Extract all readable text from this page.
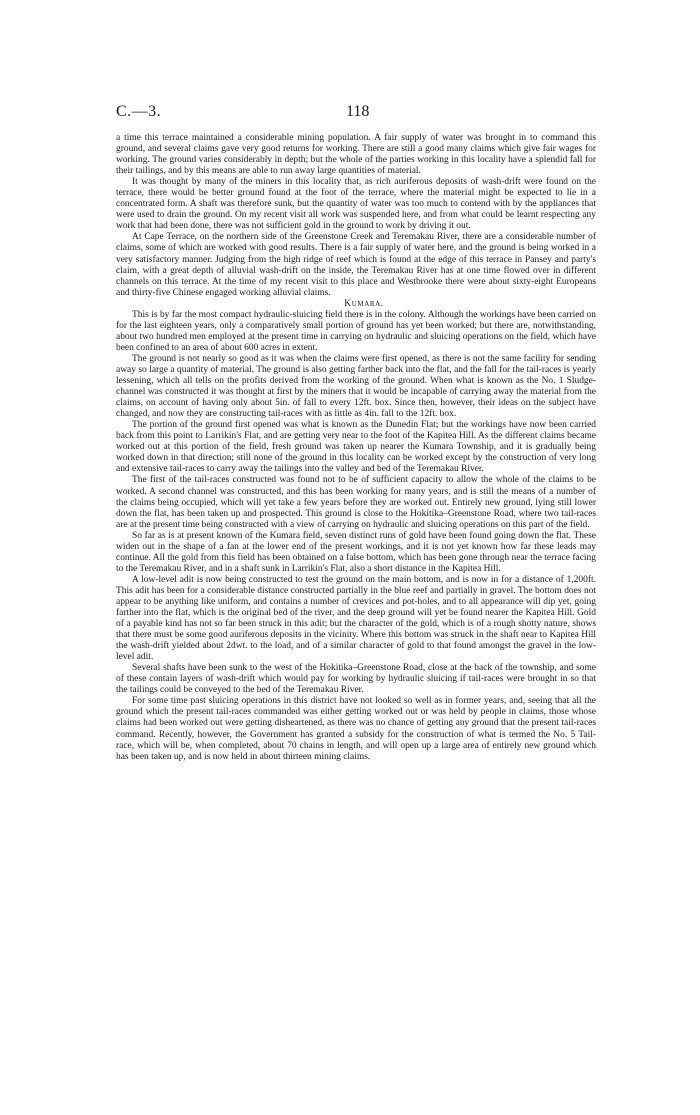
C.—3.	118

a time this terrace maintained a considerable mining population. A fair supply of water was brought in to command this ground, and several claims gave very good returns for working. There are still a good many claims which give fair wages for working. The ground varies considerably in depth; but the whole of the parties working in this locality have a splendid fall for their tailings, and by this means are able to run away large quantities of material.

It was thought by many of the miners in this locality that, as rich auriferous deposits of wash-drift were found on the terrace, there would be better ground found at the foot of the terrace, where the material might be expected to lie in a concentrated form. A shaft was therefore sunk, but the quantity of water was too much to contend with by the appliances that were used to drain the ground. On my recent visit all work was suspended here, and from what could be learnt respecting any work that had been done, there was not sufficient gold in the ground to work by driving it out.

At Cape Terrace, on the northern side of the Greenstone Creek and Teremakau River, there are a considerable number of claims, some of which are worked with good results. There is a fair supply of water here, and the ground is being worked in a very satisfactory manner. Judging from the high ridge of reef which is found at the edge of this terrace in Pansey and party's claim, with a great depth of alluvial wash-drift on the inside, the Teremakau River has at one time flowed over in different channels on this terrace. At the time of my recent visit to this place and Westbrooke there were about sixty-eight Europeans and thirty-five Chinese engaged working alluvial claims.

Kumara.

This is by far the most compact hydraulic-sluicing field there is in the colony. Although the workings have been carried on for the last eighteen years, only a comparatively small portion of ground has yet been worked; but there are, notwithstanding, about two hundred men employed at the present time in carrying on hydraulic and sluicing operations on the field, which have been confined to an area of about 600 acres in extent.

The ground is not nearly so good as it was when the claims were first opened, as there is not the same facility for sending away so large a quantity of material. The ground is also getting farther back into the flat, and the fall for the tail-races is yearly lessening, which all tells on the profits derived from the working of the ground. When what is known as the No. 1 Sludge-channel was constructed it was thought at first by the miners that it would be incapable of carrying away the material from the claims, on account of having only about 5in. of fall to every 12ft. box. Since then, however, their ideas on the subject have changed, and now they are constructing tail-races with as little as 4in. fall to the 12ft. box.

The portion of the ground first opened was what is known as the Dunedin Flat; but the workings have now been carried back from this point to Larrikin's Flat, and are getting very near to the foot of the Kapitea Hill. As the different claims became worked out at this portion of the field, fresh ground was taken up nearer the Kumara Township, and it is gradually being worked down in that direction; still none of the ground in this locality can be worked except by the construction of very long and extensive tail-races to carry away the tailings into the valley and bed of the Teremakau River.

The first of the tail-races constructed was found not to be of sufficient capacity to allow the whole of the claims to be worked. A second channel was constructed, and this has been working for many years, and is still the means of a number of the claims being occupied, which will yet take a few years before they are worked out. Entirely new ground, lying still lower down the flat, has been taken up and prospected. This ground is close to the Hokitika–Greenstone Road, where two tail-races are at the present time being constructed with a view of carrying on hydraulic and sluicing operations on this part of the field.

So far as is at present known of the Kumara field, seven distinct runs of gold have been found going down the flat. These widen out in the shape of a fan at the lower end of the present workings, and it is not yet known how far these leads may continue. All the gold from this field has been obtained on a false bottom, which has been gone through near the terrace facing to the Teremakau River, and in a shaft sunk in Larrikin's Flat, also a short distance in the Kapitea Hill.

A low-level adit is now being constructed to test the ground on the main bottom, and is now in for a distance of 1,200ft. This adit has been for a considerable distance constructed partially in the blue reef and partially in gravel. The bottom does not appear to be anything like uniform, and contains a number of crevices and pot-holes, and to all appearance will dip yet, going farther into the flat, which is the original bed of the river, and the deep ground will yet be found nearer the Kapitea Hill. Gold of a payable kind has not so far been struck in this adit; but the character of the gold, which is of a rough shotty nature, shows that there must be some good auriferous deposits in the vicinity. Where this bottom was struck in the shaft near to Kapitea Hill the wash-drift yielded about 2dwt. to the load, and of a similar character of gold to that found amongst the gravel in the low-level adit.

Several shafts have been sunk to the west of the Hokitika–Greenstone Road, close at the back of the township, and some of these contain layers of wash-drift which would pay for working by hydraulic sluicing if tail-races were brought in so that the tailings could be conveyed to the bed of the Teremakau River.

For some time past sluicing operations in this district have not looked so well as in former years, and, seeing that all the ground which the present tail-races commanded was either getting worked out or was held by people in claims, those whose claims had been worked out were getting disheartened, as there was no chance of getting any ground that the present tail-races command. Recently, however, the Government has granted a subsidy for the construction of what is termed the No. 5 Tail-race, which will be, when completed, about 70 chains in length, and will open up a large area of entirely new ground which has been taken up, and is now held in about thirteen mining claims.
